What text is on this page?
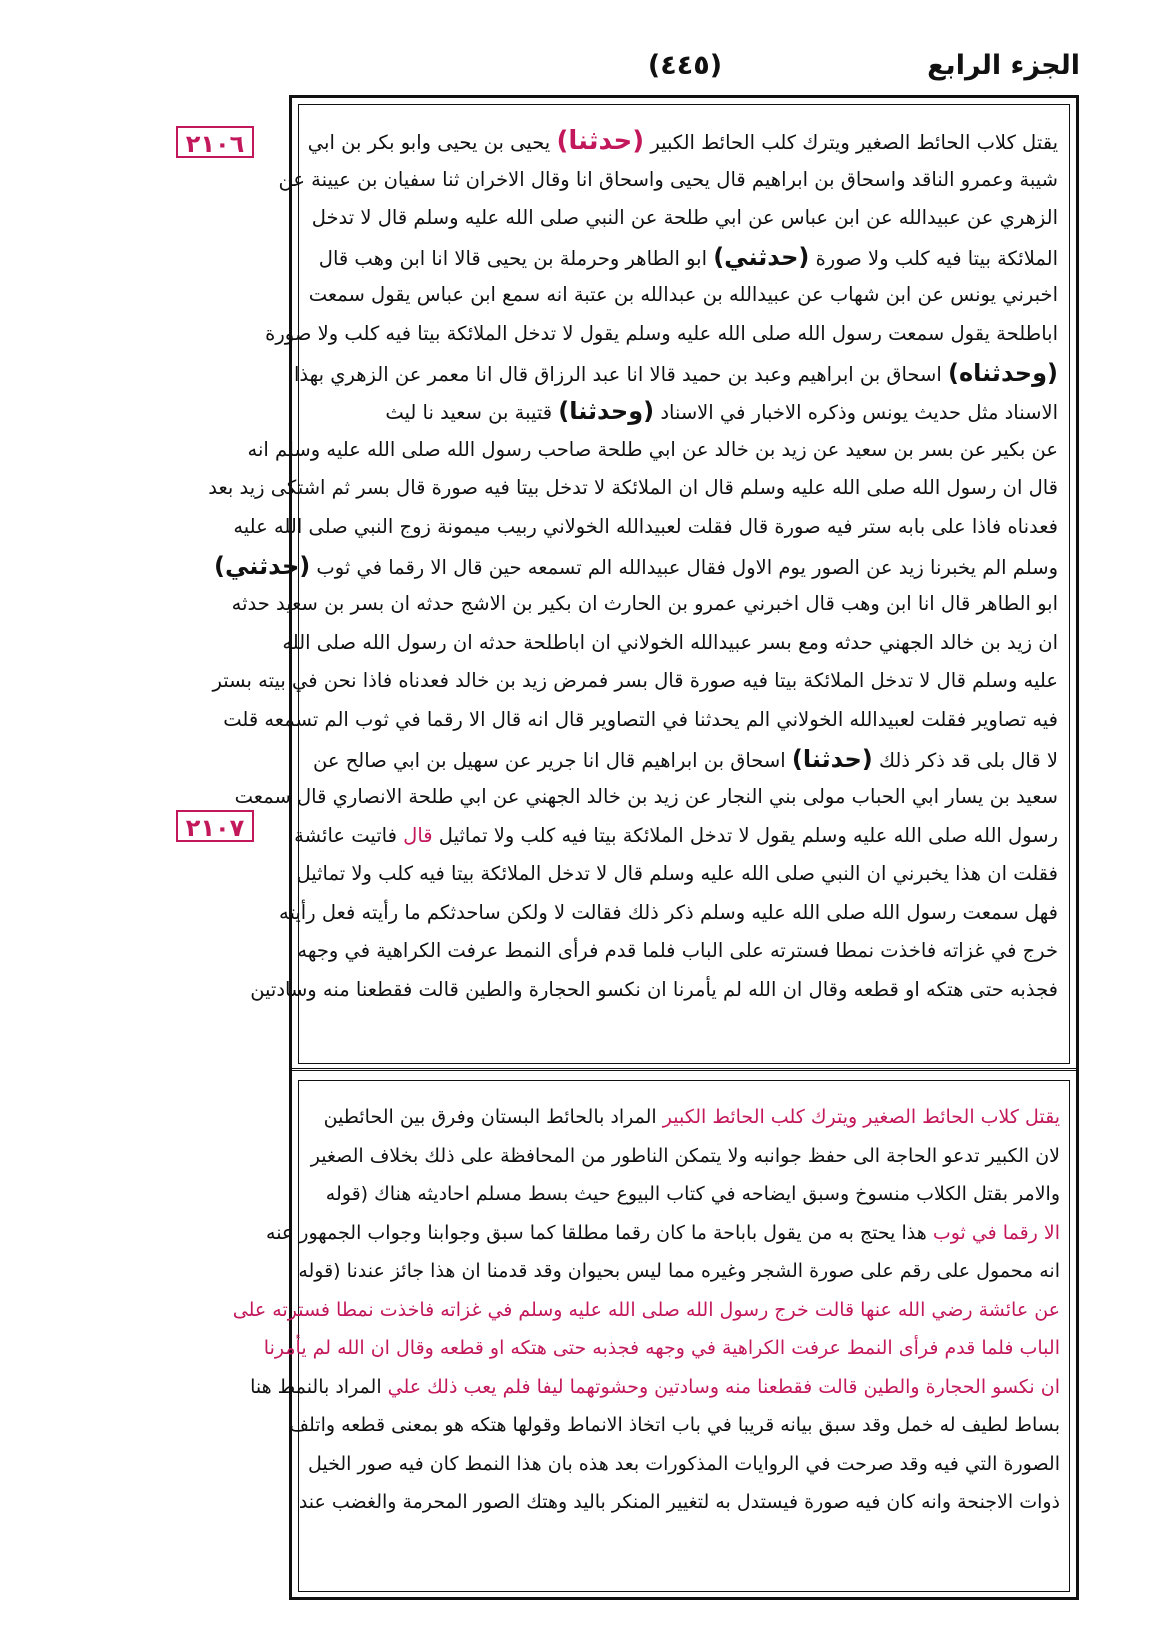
الجزء الرابع
(٤٤٥)
٢١٠٦
٢١٠٧
يقتل كلاب الحائط الصغير ويترك كلب الحائط الكبير (حدثنا) يحيى بن يحيى وابو بكر بن ابي
شيبة وعمرو الناقد واسحاق بن ابراهيم قال يحيى واسحاق انا وقال الاخران ثنا سفيان بن عيينة عن
الزهري عن عبيدالله عن ابن عباس عن ابي طلحة عن النبي صلى الله عليه وسلم قال لا تدخل
الملائكة بيتا فيه كلب ولا صورة (حدثني) ابو الطاهر وحرملة بن يحيى قالا انا ابن وهب قال
اخبرني يونس عن ابن شهاب عن عبيدالله بن عبدالله بن عتبة انه سمع ابن عباس يقول سمعت
اباطلحة يقول سمعت رسول الله صلى الله عليه وسلم يقول لا تدخل الملائكة بيتا فيه كلب ولا صورة
(وحدثناه) اسحاق بن ابراهيم وعبد بن حميد قالا انا عبد الرزاق قال انا معمر عن الزهري بهذا
الاسناد مثل حديث يونس وذكره الاخبار في الاسناد (وحدثنا) قتيبة بن سعيد نا ليث
عن بكير عن بسر بن سعيد عن زيد بن خالد عن ابي طلحة صاحب رسول الله صلى الله عليه وسلم انه
قال ان رسول الله صلى الله عليه وسلم قال ان الملائكة لا تدخل بيتا فيه صورة قال بسر ثم اشتكى زيد بعد
فعدناه فاذا على بابه ستر فيه صورة قال فقلت لعبيدالله الخولاني ربيب ميمونة زوج النبي صلى الله عليه
وسلم الم يخبرنا زيد عن الصور يوم الاول فقال عبيدالله الم تسمعه حين قال الا رقما في ثوب (حدثني)
ابو الطاهر قال انا ابن وهب قال اخبرني عمرو بن الحارث ان بكير بن الاشج حدثه ان بسر بن سعيد حدثه
ان زيد بن خالد الجهني حدثه ومع بسر عبيدالله الخولاني ان اباطلحة حدثه ان رسول الله صلى الله
عليه وسلم قال لا تدخل الملائكة بيتا فيه صورة قال بسر فمرض زيد بن خالد فعدناه فاذا نحن في بيته بستر
فيه تصاوير فقلت لعبيدالله الخولاني الم يحدثنا في التصاوير قال انه قال الا رقما في ثوب الم تسمعه قلت
لا قال بلى قد ذكر ذلك (حدثنا) اسحاق بن ابراهيم قال انا جرير عن سهيل بن ابي صالح عن
سعيد بن يسار ابي الحباب مولى بني النجار عن زيد بن خالد الجهني عن ابي طلحة الانصاري قال سمعت
رسول الله صلى الله عليه وسلم يقول لا تدخل الملائكة بيتا فيه كلب ولا تماثيل قال فاتيت عائشة
فقلت ان هذا يخبرني ان النبي صلى الله عليه وسلم قال لا تدخل الملائكة بيتا فيه كلب ولا تماثيل
فهل سمعت رسول الله صلى الله عليه وسلم ذكر ذلك فقالت لا ولكن ساحدثكم ما رأيته فعل رأيته
خرج في غزاته فاخذت نمطا فسترته على الباب فلما قدم فرأى النمط عرفت الكراهية في وجهه
فجذبه حتى هتكه او قطعه وقال ان الله لم يأمرنا ان نكسو الحجارة والطين قالت فقطعنا منه وسادتين
يقتل كلاب الحائط الصغير ويترك كلب الحائط الكبير المراد بالحائط البستان وفرق بين الحائطين
لان الكبير تدعو الحاجة الى حفظ جوانبه ولا يتمكن الناطور من المحافظة على ذلك بخلاف الصغير
والامر بقتل الكلاب منسوخ وسبق ايضاحه في كتاب البيوع حيث بسط مسلم احاديثه هناك (قوله
الا رقما في ثوب هذا يحتج به من يقول باباحة ما كان رقما مطلقا كما سبق وجوابنا وجواب الجمهور عنه
انه محمول على رقم على صورة الشجر وغيره مما ليس بحيوان وقد قدمنا ان هذا جائز عندنا (قوله
عن عائشة رضي الله عنها قالت خرج رسول الله صلى الله عليه وسلم في غزاته فاخذت نمطا فسترته على
الباب فلما قدم فرأى النمط عرفت الكراهية في وجهه فجذبه حتى هتكه او قطعه وقال ان الله لم يأمرنا
ان نكسو الحجارة والطين قالت فقطعنا منه وسادتين وحشوتهما ليفا فلم يعب ذلك علي المراد بالنمط هنا
بساط لطيف له خمل وقد سبق بيانه قريبا في باب اتخاذ الانماط وقولها هتكه هو بمعنى قطعه واتلف
الصورة التي فيه وقد صرحت في الروايات المذكورات بعد هذه بان هذا النمط كان فيه صور الخيل
ذوات الاجنحة وانه كان فيه صورة فيستدل به لتغيير المنكر باليد وهتك الصور المحرمة والغضب عند
